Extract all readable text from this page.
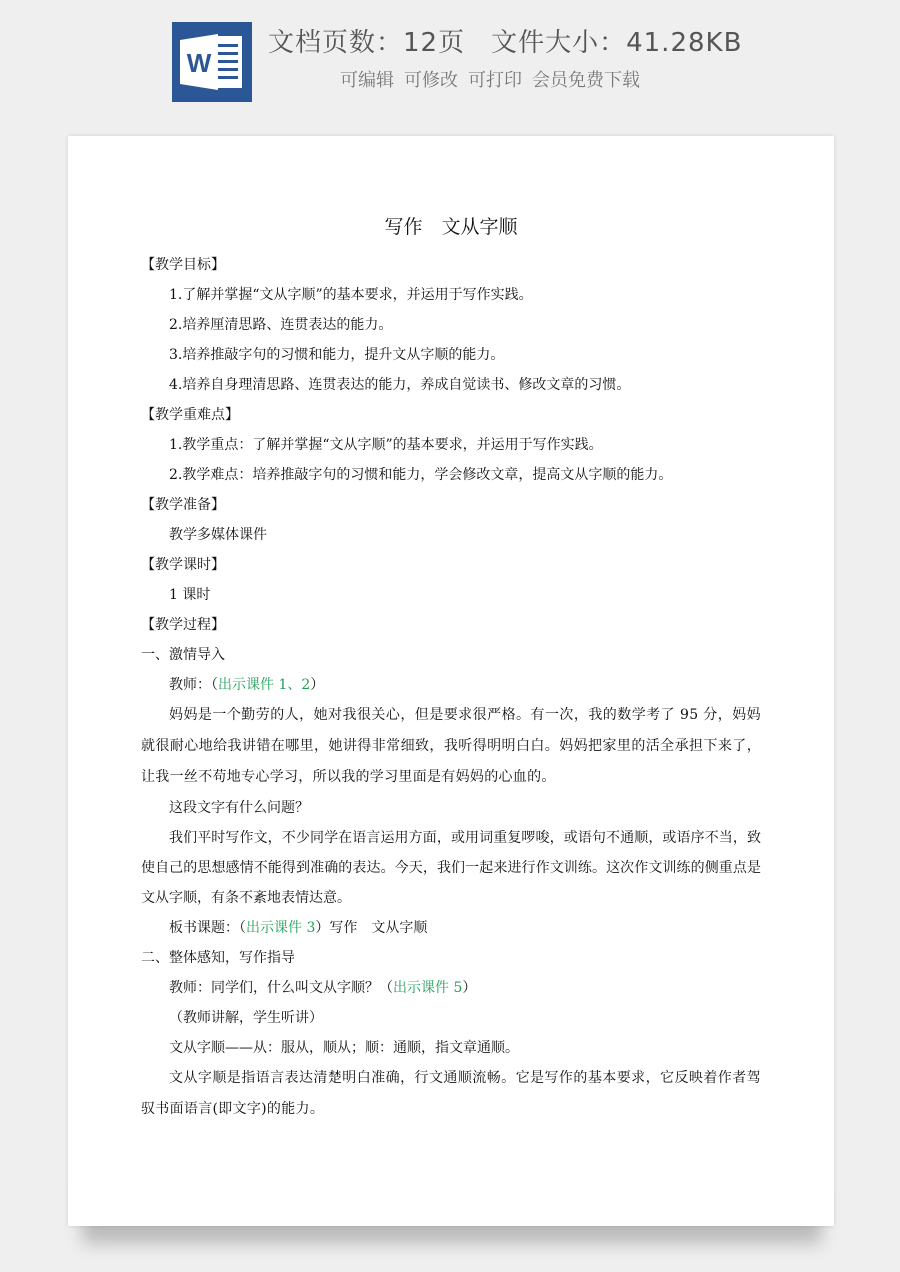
W
文档页数：12页 文件大小：41.28KB
可编辑 可修改 可打印 会员免费下载
写作　文从字顺
【教学目标】
1.了解并掌握“文从字顺”的基本要求，并运用于写作实践。
2.培养厘清思路、连贯表达的能力。
3.培养推敲字句的习惯和能力，提升文从字顺的能力。
4.培养自身理清思路、连贯表达的能力，养成自觉读书、修改文章的习惯。
【教学重难点】
1.教学重点：了解并掌握“文从字顺”的基本要求，并运用于写作实践。
2.教学难点：培养推敲字句的习惯和能力，学会修改文章，提高文从字顺的能力。
【教学准备】
教学多媒体课件
【教学课时】
1 课时
【教学过程】
一、激情导入
教师：（出示课件 1、2）
妈妈是一个勤劳的人，她对我很关心，但是要求很严格。有一次，我的数学考了 95 分，妈妈就很耐心地给我讲错在哪里，她讲得非常细致，我听得明明白白。妈妈把家里的活全承担下来了，让我一丝不苟地专心学习，所以我的学习里面是有妈妈的心血的。
这段文字有什么问题？
我们平时写作文，不少同学在语言运用方面，或用词重复啰唆，或语句不通顺，或语序不当，致使自己的思想感情不能得到准确的表达。今天，我们一起来进行作文训练。这次作文训练的侧重点是文从字顺，有条不紊地表情达意。
板书课题：（出示课件 3）写作　文从字顺
二、整体感知，写作指导
教师：同学们，什么叫文从字顺？（出示课件 5）
（教师讲解，学生听讲）
文从字顺——从：服从，顺从；顺：通顺，指文章通顺。
文从字顺是指语言表达清楚明白准确，行文通顺流畅。它是写作的基本要求，它反映着作者驾驭书面语言(即文字)的能力。
